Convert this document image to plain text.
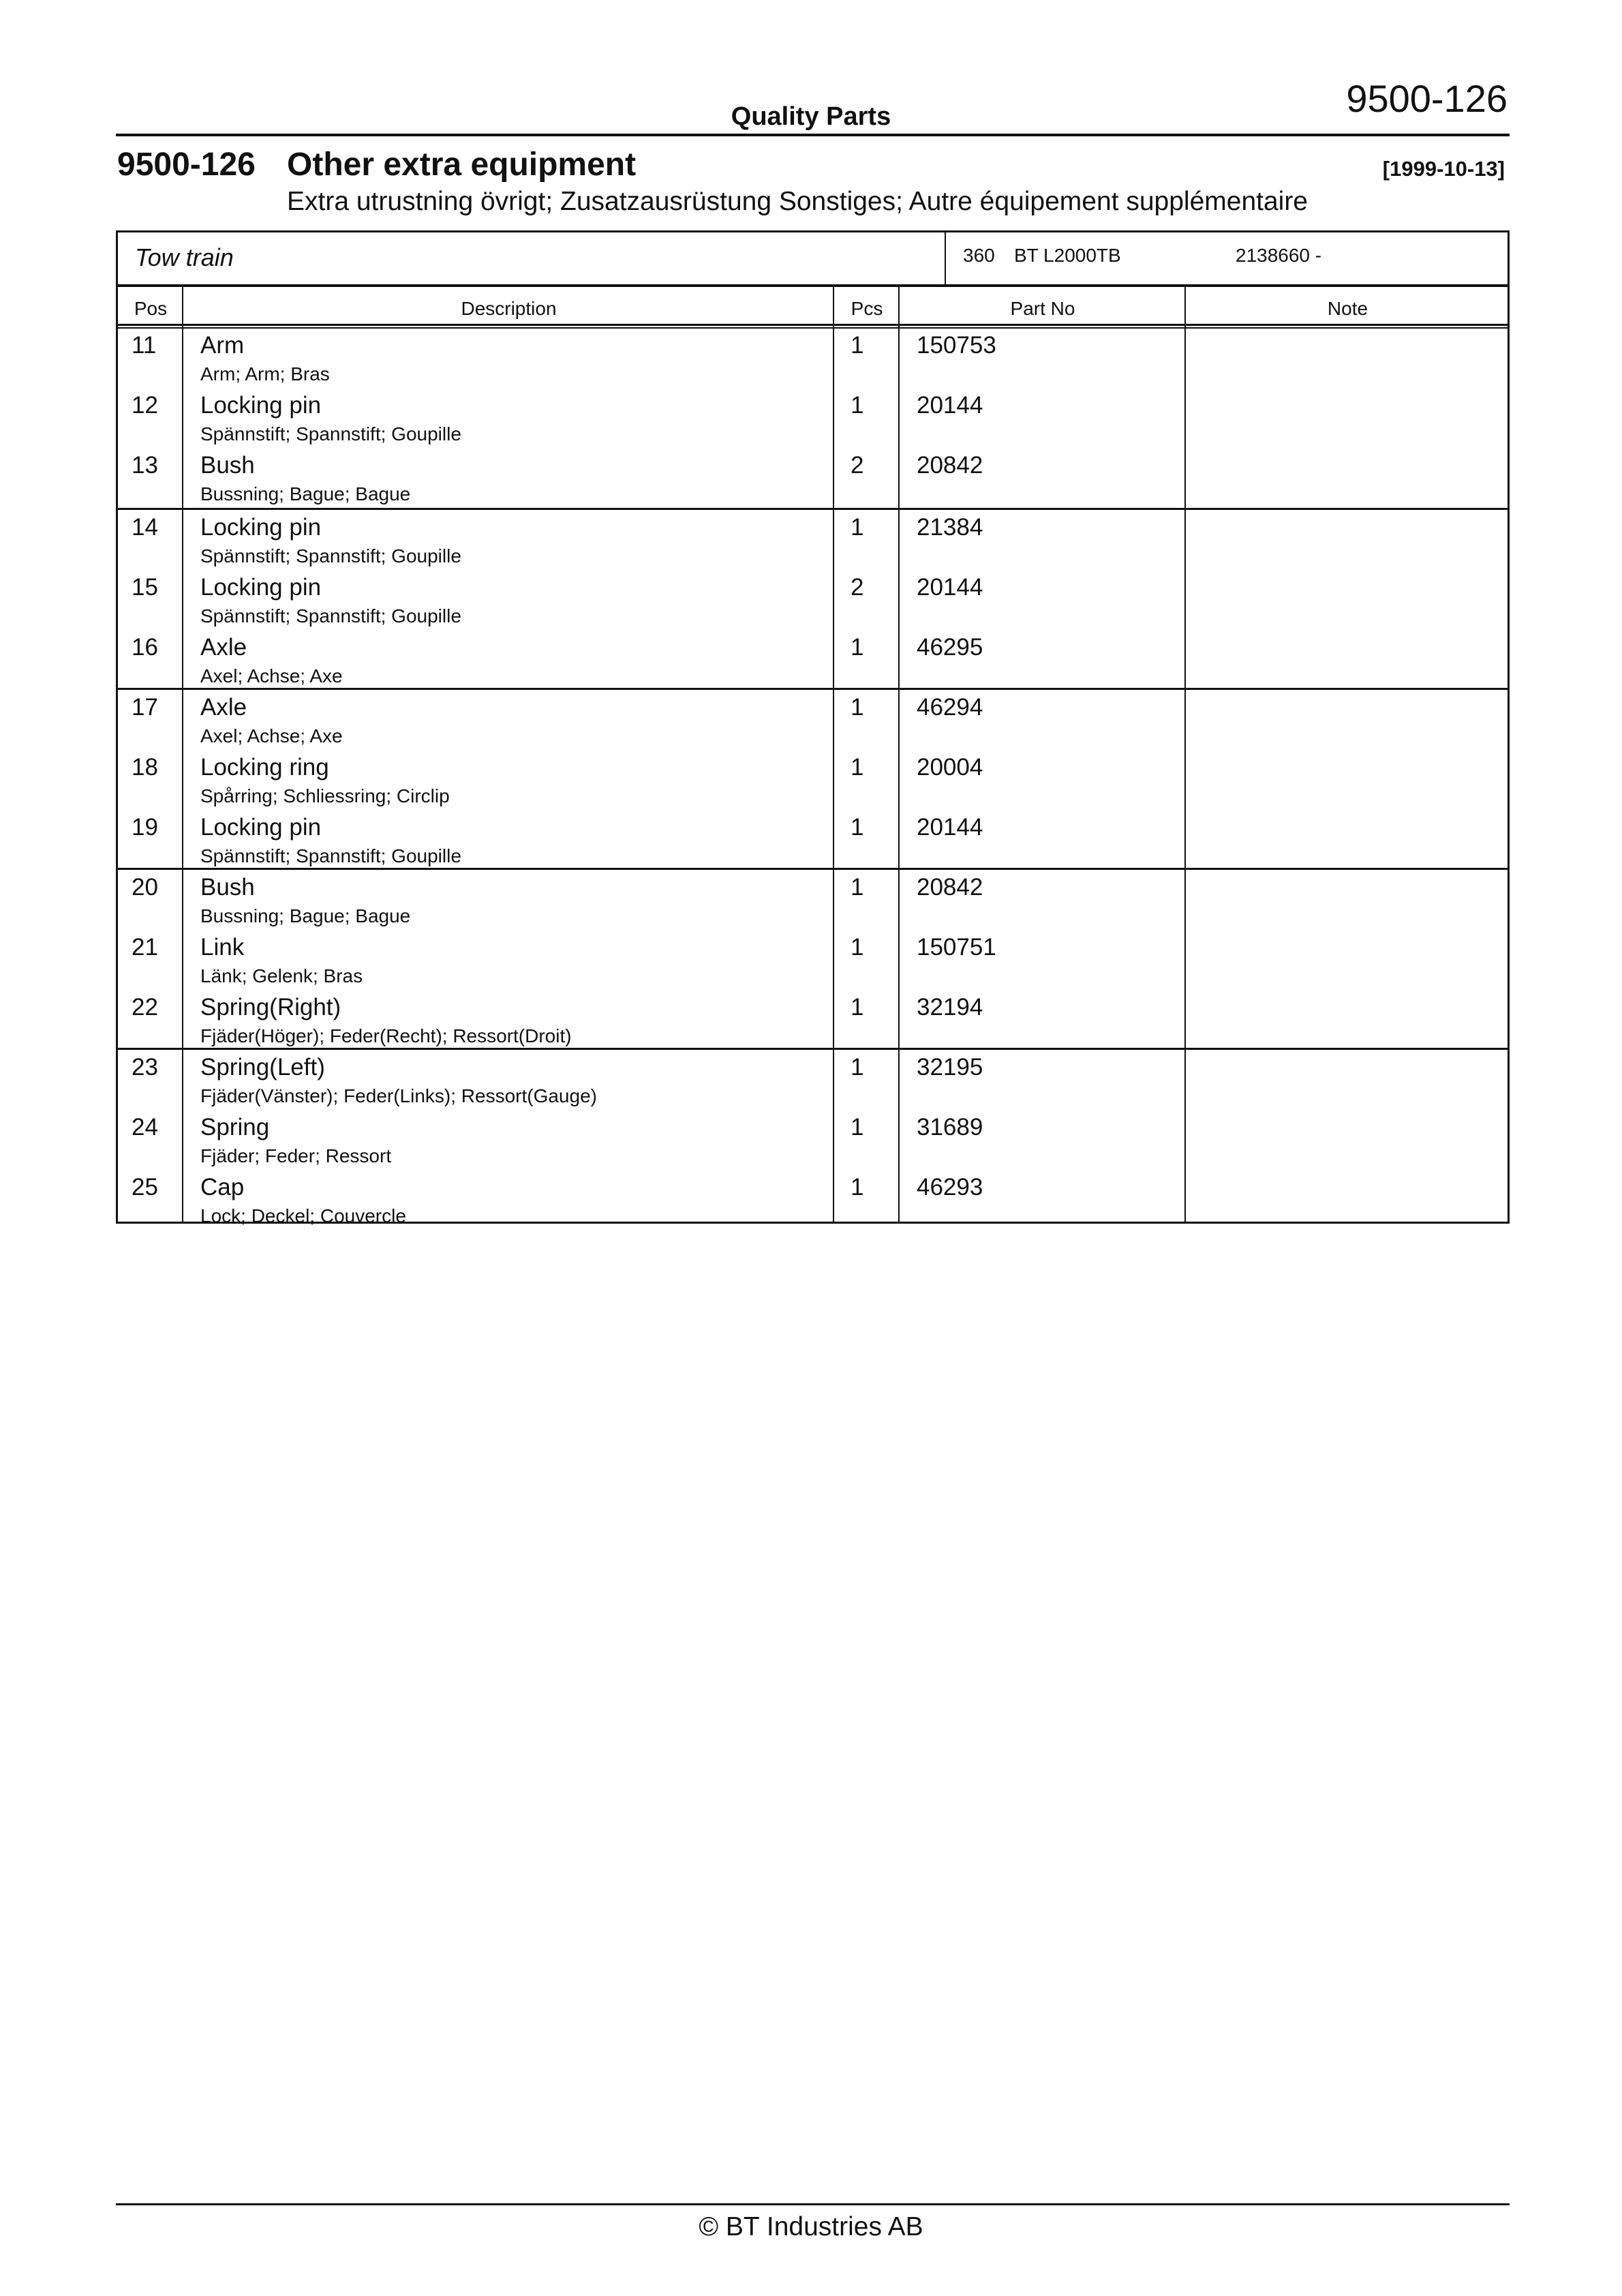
9500-126
Quality Parts
9500-126 Other extra equipment	[1999-10-13]
Extra utrustning övrigt; Zusatzausrüstung Sonstiges; Autre équipement supplémentaire
Tow train	360 BT L2000TB	2138660 -
Pos	Description	Pcs	Part No	Note
11 Arm
Arm; Arm; Bras
1 150753
12 Locking pin
Spännstift; Spannstift; Goupille
1 20144
13 Bush
Bussning; Bague; Bague
2 20842
14 Locking pin
Spännstift; Spannstift; Goupille
1 21384
15 Locking pin
Spännstift; Spannstift; Goupille
2 20144
16 Axle
Axel; Achse; Axe
1 46295
17 Axle
Axel; Achse; Axe
1 46294
18 Locking ring
Spårring; Schliessring; Circlip
1 20004
19 Locking pin
Spännstift; Spannstift; Goupille
1 20144
20 Bush
Bussning; Bague; Bague
1 20842
21 Link
Länk; Gelenk; Bras
1 150751
22 Spring(Right)
Fjäder(Höger); Feder(Recht); Ressort(Droit)
1 32194
23 Spring(Left)
Fjäder(Vänster); Feder(Links); Ressort(Gauge)
1 32195
24 Spring
Fjäder; Feder; Ressort
1 31689
25 Cap
Lock; Deckel; Couvercle
1 46293
© BT Industries AB
